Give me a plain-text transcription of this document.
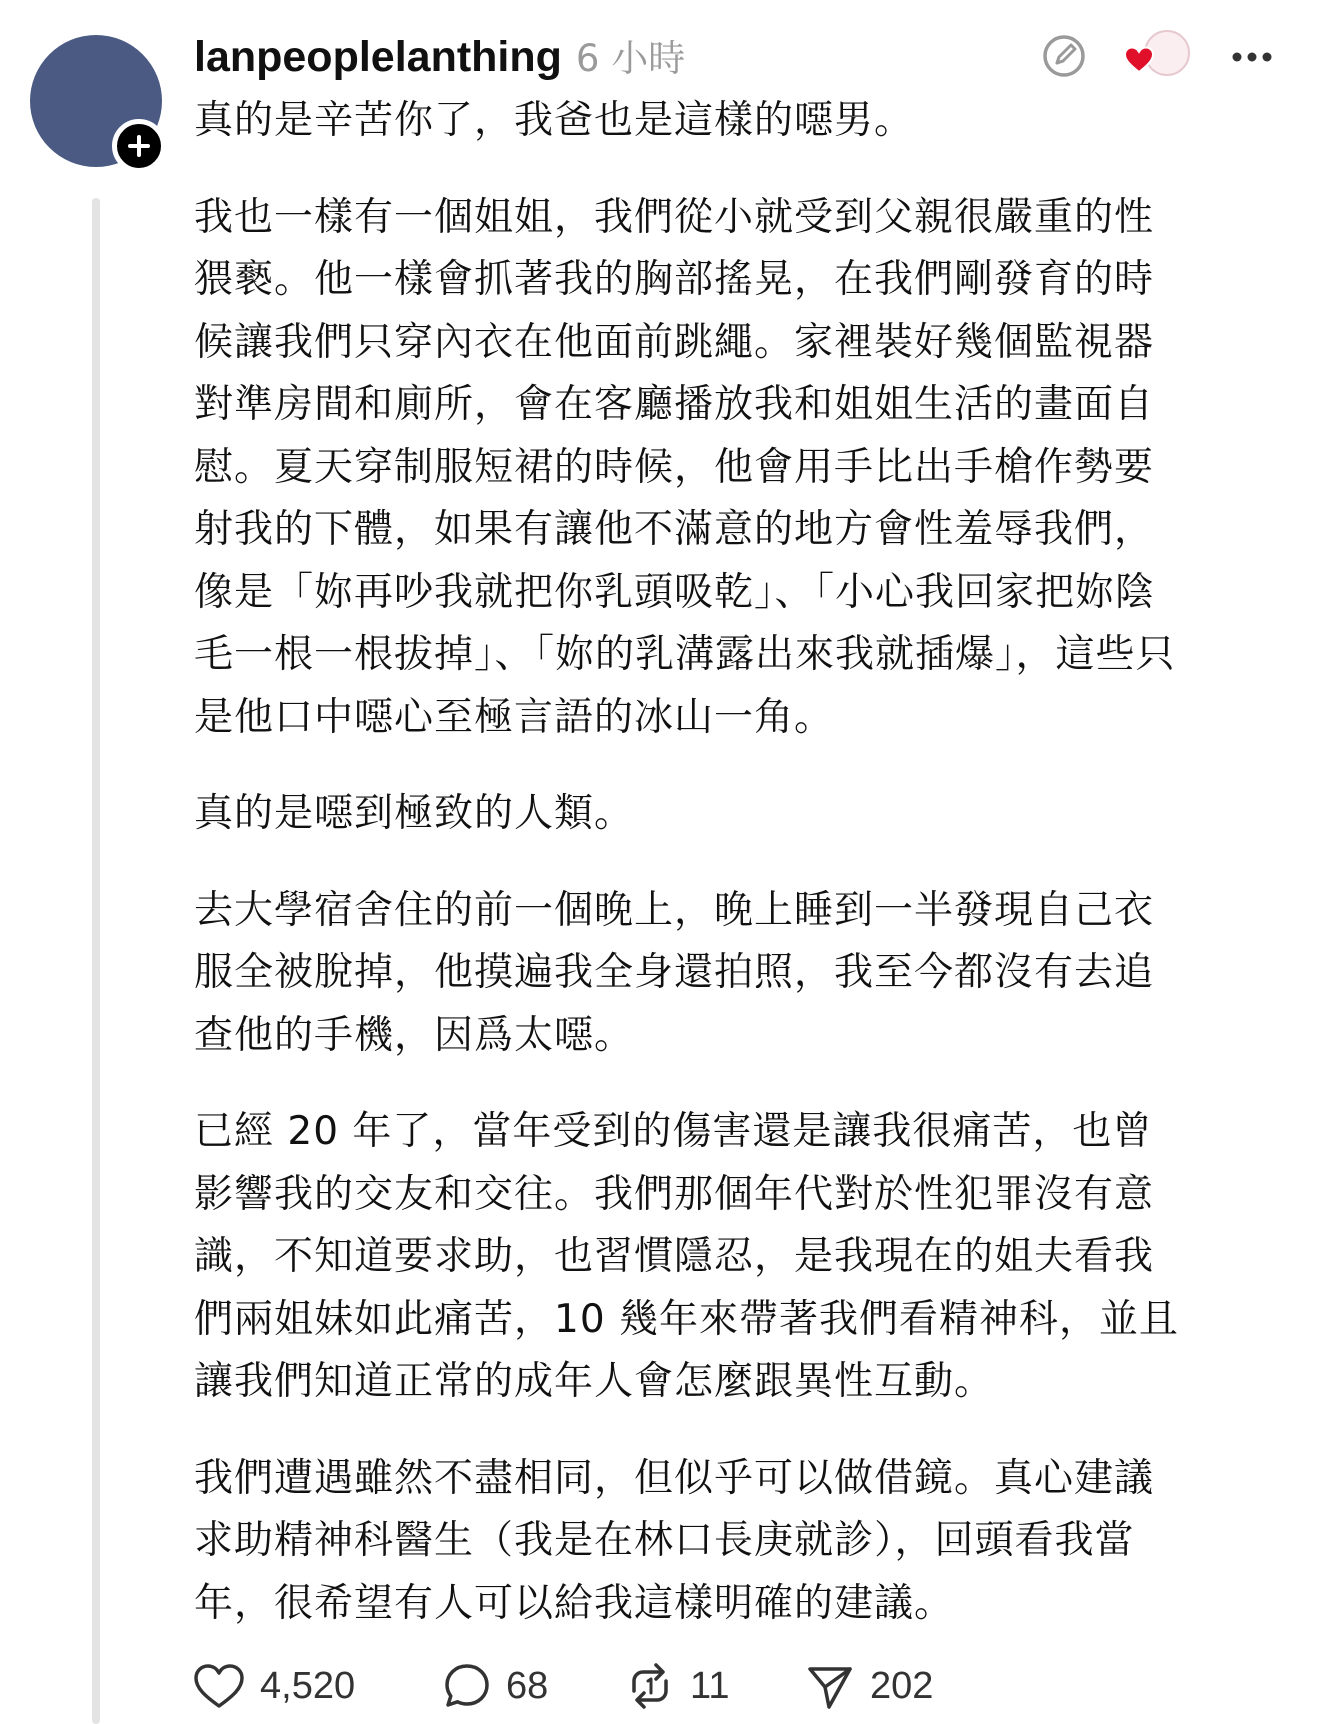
lanpeoplelanthing 6 小時

真的是辛苦你了，我爸也是這樣的噁男。

我也一樣有一個姐姐，我們從小就受到父親很嚴重的性
猥褻。他一樣會抓著我的胸部搖晃，在我們剛發育的時
候讓我們只穿內衣在他面前跳繩。家裡裝好幾個監視器
對準房間和廁所，會在客廳播放我和姐姐生活的畫面自
慰。夏天穿制服短裙的時候，他會用手比出手槍作勢要
射我的下體，如果有讓他不滿意的地方會性羞辱我們，
像是「妳再吵我就把你乳頭吸乾」、「小心我回家把妳陰
毛一根一根拔掉」、「妳的乳溝露出來我就插爆」，這些只
是他口中噁心至極言語的冰山一角。

真的是噁到極致的人類。

去大學宿舍住的前一個晚上，晚上睡到一半發現自己衣
服全被脫掉，他摸遍我全身還拍照，我至今都沒有去追
查他的手機，因爲太噁。

已經 20 年了，當年受到的傷害還是讓我很痛苦，也曾
影響我的交友和交往。我們那個年代對於性犯罪沒有意
識，不知道要求助，也習慣隱忍，是我現在的姐夫看我
們兩姐妹如此痛苦，10 幾年來帶著我們看精神科，並且
讓我們知道正常的成年人會怎麼跟異性互動。

我們遭遇雖然不盡相同，但似乎可以做借鏡。真心建議
求助精神科醫生（我是在林口長庚就診），回頭看我當
年，很希望有人可以給我這樣明確的建議。

4,520	68	11	202
